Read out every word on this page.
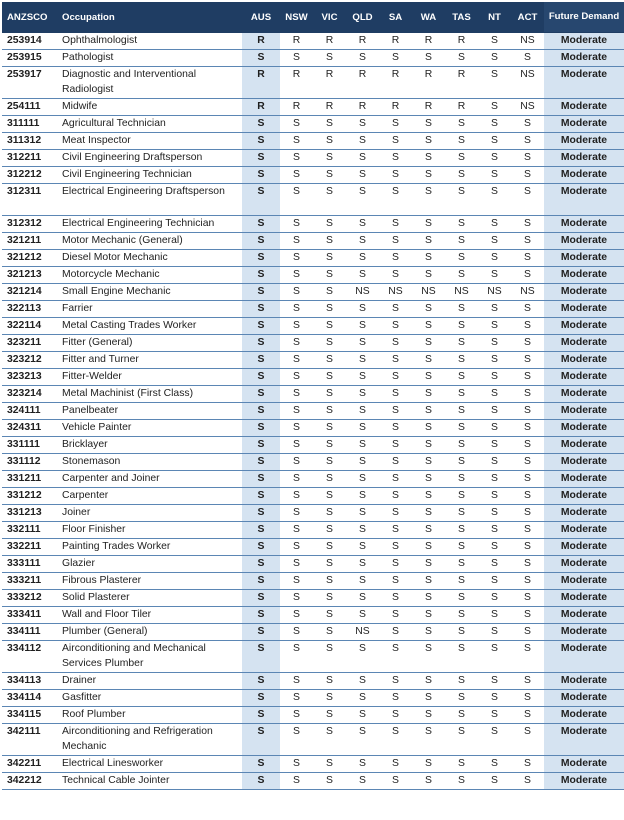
ANZSCO	Occupation	AUS	NSW	VIC	QLD	SA	WA	TAS	NT	ACT	Future Demand
253914	Ophthalmologist	R	R	R	R	R	R	R	S	NS	Moderate
253915	Pathologist	S	S	S	S	S	S	S	S	S	Moderate
253917	Diagnostic and Interventional Radiologist	R	R	R	R	R	R	R	S	NS	Moderate
254111	Midwife	R	R	R	R	R	R	R	S	NS	Moderate
311111	Agricultural Technician	S	S	S	S	S	S	S	S	S	Moderate
311312	Meat Inspector	S	S	S	S	S	S	S	S	S	Moderate
312211	Civil Engineering Draftsperson	S	S	S	S	S	S	S	S	S	Moderate
312212	Civil Engineering Technician	S	S	S	S	S	S	S	S	S	Moderate
312311	Electrical Engineering Draftsperson	S	S	S	S	S	S	S	S	S	Moderate
312312	Electrical Engineering Technician	S	S	S	S	S	S	S	S	S	Moderate
321211	Motor Mechanic (General)	S	S	S	S	S	S	S	S	S	Moderate
321212	Diesel Motor Mechanic	S	S	S	S	S	S	S	S	S	Moderate
321213	Motorcycle Mechanic	S	S	S	S	S	S	S	S	S	Moderate
321214	Small Engine Mechanic	S	S	S	NS	NS	NS	NS	NS	NS	Moderate
322113	Farrier	S	S	S	S	S	S	S	S	S	Moderate
322114	Metal Casting Trades Worker	S	S	S	S	S	S	S	S	S	Moderate
323211	Fitter (General)	S	S	S	S	S	S	S	S	S	Moderate
323212	Fitter and Turner	S	S	S	S	S	S	S	S	S	Moderate
323213	Fitter-Welder	S	S	S	S	S	S	S	S	S	Moderate
323214	Metal Machinist (First Class)	S	S	S	S	S	S	S	S	S	Moderate
324111	Panelbeater	S	S	S	S	S	S	S	S	S	Moderate
324311	Vehicle Painter	S	S	S	S	S	S	S	S	S	Moderate
331111	Bricklayer	S	S	S	S	S	S	S	S	S	Moderate
331112	Stonemason	S	S	S	S	S	S	S	S	S	Moderate
331211	Carpenter and Joiner	S	S	S	S	S	S	S	S	S	Moderate
331212	Carpenter	S	S	S	S	S	S	S	S	S	Moderate
331213	Joiner	S	S	S	S	S	S	S	S	S	Moderate
332111	Floor Finisher	S	S	S	S	S	S	S	S	S	Moderate
332211	Painting Trades Worker	S	S	S	S	S	S	S	S	S	Moderate
333111	Glazier	S	S	S	S	S	S	S	S	S	Moderate
333211	Fibrous Plasterer	S	S	S	S	S	S	S	S	S	Moderate
333212	Solid Plasterer	S	S	S	S	S	S	S	S	S	Moderate
333411	Wall and Floor Tiler	S	S	S	S	S	S	S	S	S	Moderate
334111	Plumber (General)	S	S	S	NS	S	S	S	S	S	Moderate
334112	Airconditioning and Mechanical Services Plumber	S	S	S	S	S	S	S	S	S	Moderate
334113	Drainer	S	S	S	S	S	S	S	S	S	Moderate
334114	Gasfitter	S	S	S	S	S	S	S	S	S	Moderate
334115	Roof Plumber	S	S	S	S	S	S	S	S	S	Moderate
342111	Airconditioning and Refrigeration Mechanic	S	S	S	S	S	S	S	S	S	Moderate
342211	Electrical Linesworker	S	S	S	S	S	S	S	S	S	Moderate
342212	Technical Cable Jointer	S	S	S	S	S	S	S	S	S	Moderate
